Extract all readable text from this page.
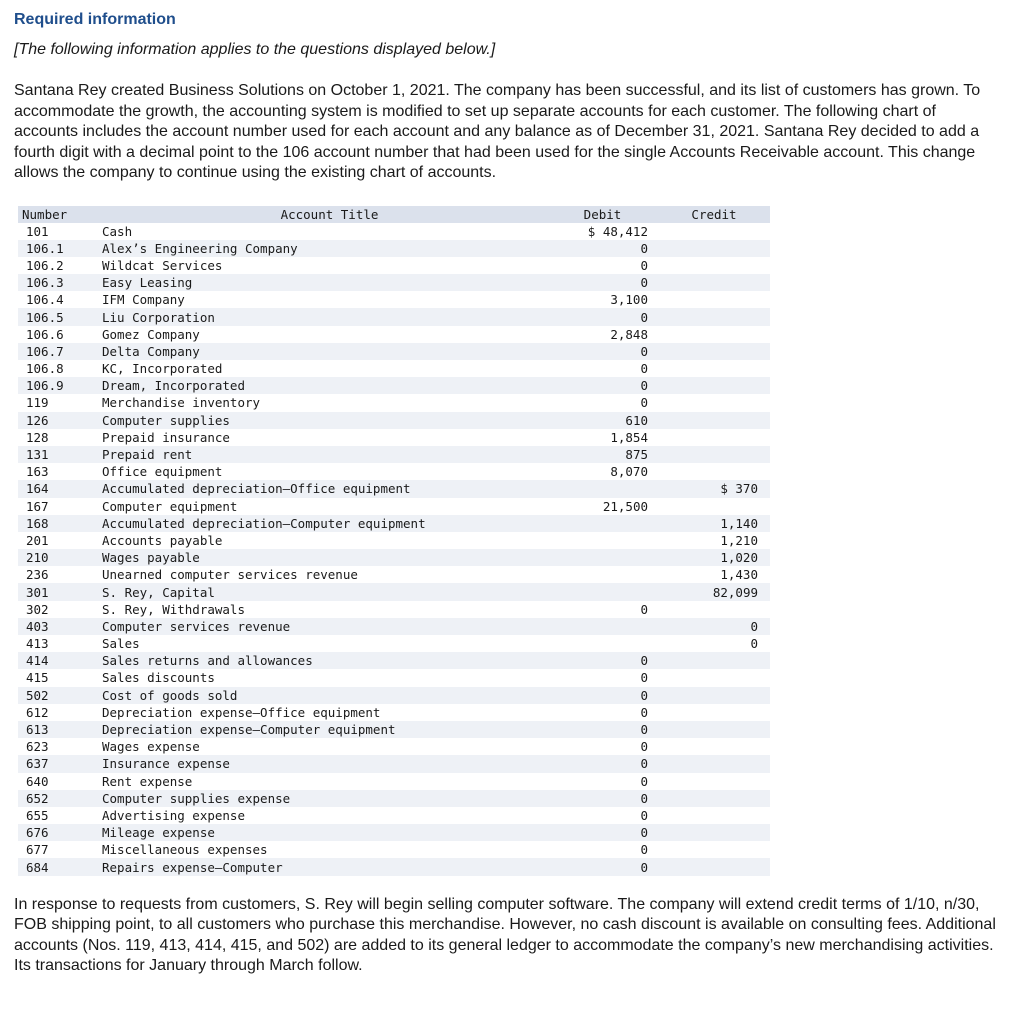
Required information
[The following information applies to the questions displayed below.]

Santana Rey created Business Solutions on October 1, 2021. The company has been successful, and its list of customers has grown. To accommodate the growth, the accounting system is modified to set up separate accounts for each customer. The following chart of accounts includes the account number used for each account and any balance as of December 31, 2021. Santana Rey decided to add a fourth digit with a decimal point to the 106 account number that had been used for the single Accounts Receivable account. This change allows the company to continue using the existing chart of accounts.

Number	Account Title	Debit		Credit
101	Cash	$ 48,412		
106.1	Alex’s Engineering Company	0		
106.2	Wildcat Services	0		
106.3	Easy Leasing	0		
106.4	IFM Company	3,100		
106.5	Liu Corporation	0		
106.6	Gomez Company	2,848		
106.7	Delta Company	0		
106.8	KC, Incorporated	0		
106.9	Dream, Incorporated	0		
119	Merchandise inventory	0		
126	Computer supplies	610		
128	Prepaid insurance	1,854		
131	Prepaid rent	875		
163	Office equipment	8,070		
164	Accumulated depreciation—Office equipment			$ 370
167	Computer equipment	21,500		
168	Accumulated depreciation—Computer equipment			1,140
201	Accounts payable			1,210
210	Wages payable			1,020
236	Unearned computer services revenue			1,430
301	S. Rey, Capital			82,099
302	S. Rey, Withdrawals	0		
403	Computer services revenue			0
413	Sales			0
414	Sales returns and allowances	0		
415	Sales discounts	0		
502	Cost of goods sold	0		
612	Depreciation expense—Office equipment	0		
613	Depreciation expense—Computer equipment	0		
623	Wages expense	0		
637	Insurance expense	0		
640	Rent expense	0		
652	Computer supplies expense	0		
655	Advertising expense	0		
676	Mileage expense	0		
677	Miscellaneous expenses	0		
684	Repairs expense—Computer	0		

In response to requests from customers, S. Rey will begin selling computer software. The company will extend credit terms of 1/10, n/30, FOB shipping point, to all customers who purchase this merchandise. However, no cash discount is available on consulting fees. Additional accounts (Nos. 119, 413, 414, 415, and 502) are added to its general ledger to accommodate the company’s new merchandising activities. Its transactions for January through March follow.
